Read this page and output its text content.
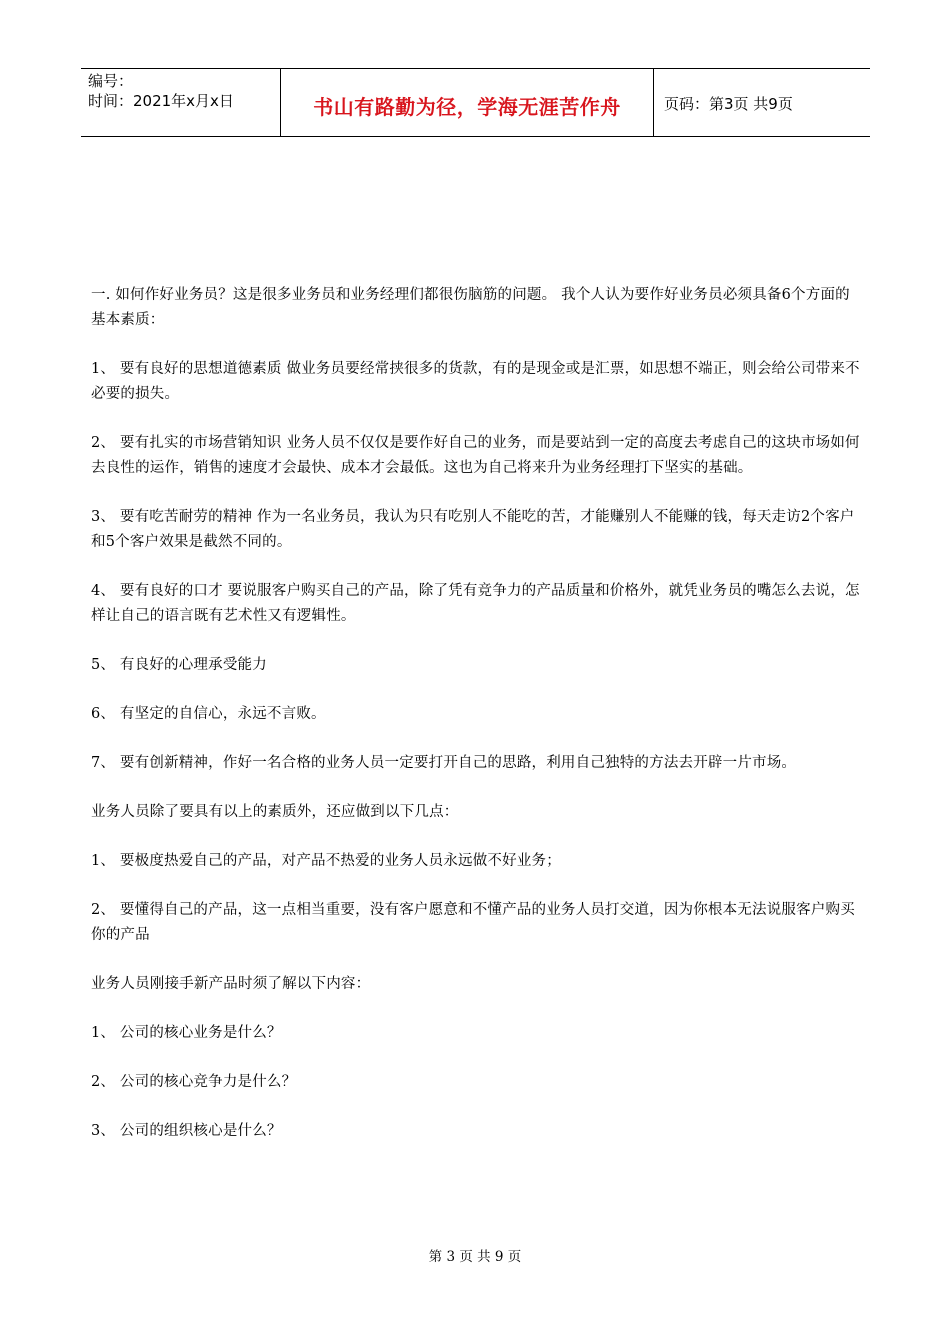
编号：
时间：2021年x月x日	书山有路勤为径，学海无涯苦作舟	页码：第3页 共9页

一. 如何作好业务员？这是很多业务员和业务经理们都很伤脑筋的问题。 我个人认为要作好业务员必须具备6个方面的基本素质：

1、 要有良好的思想道德素质 做业务员要经常挟很多的货款，有的是现金或是汇票，如思想不端正，则会给公司带来不必要的损失。

2、 要有扎实的市场营销知识 业务人员不仅仅是要作好自己的业务，而是要站到一定的高度去考虑自己的这块市场如何去良性的运作，销售的速度才会最快、成本才会最低。这也为自己将来升为业务经理打下坚实的基础。

3、 要有吃苦耐劳的精神 作为一名业务员，我认为只有吃别人不能吃的苦，才能赚别人不能赚的钱，每天走访2个客户和5个客户效果是截然不同的。

4、 要有良好的口才 要说服客户购买自己的产品，除了凭有竞争力的产品质量和价格外，就凭业务员的嘴怎么去说，怎样让自己的语言既有艺术性又有逻辑性。

5、 有良好的心理承受能力

6、 有坚定的自信心，永远不言败。

7、 要有创新精神，作好一名合格的业务人员一定要打开自己的思路，利用自己独特的方法去开辟一片市场。

业务人员除了要具有以上的素质外，还应做到以下几点：

1、 要极度热爱自己的产品，对产品不热爱的业务人员永远做不好业务；

2、 要懂得自己的产品，这一点相当重要，没有客户愿意和不懂产品的业务人员打交道，因为你根本无法说服客户购买你的产品

业务人员刚接手新产品时须了解以下内容：

1、 公司的核心业务是什么？

2、 公司的核心竞争力是什么？

3、 公司的组织核心是什么？

第 3 页 共 9 页
